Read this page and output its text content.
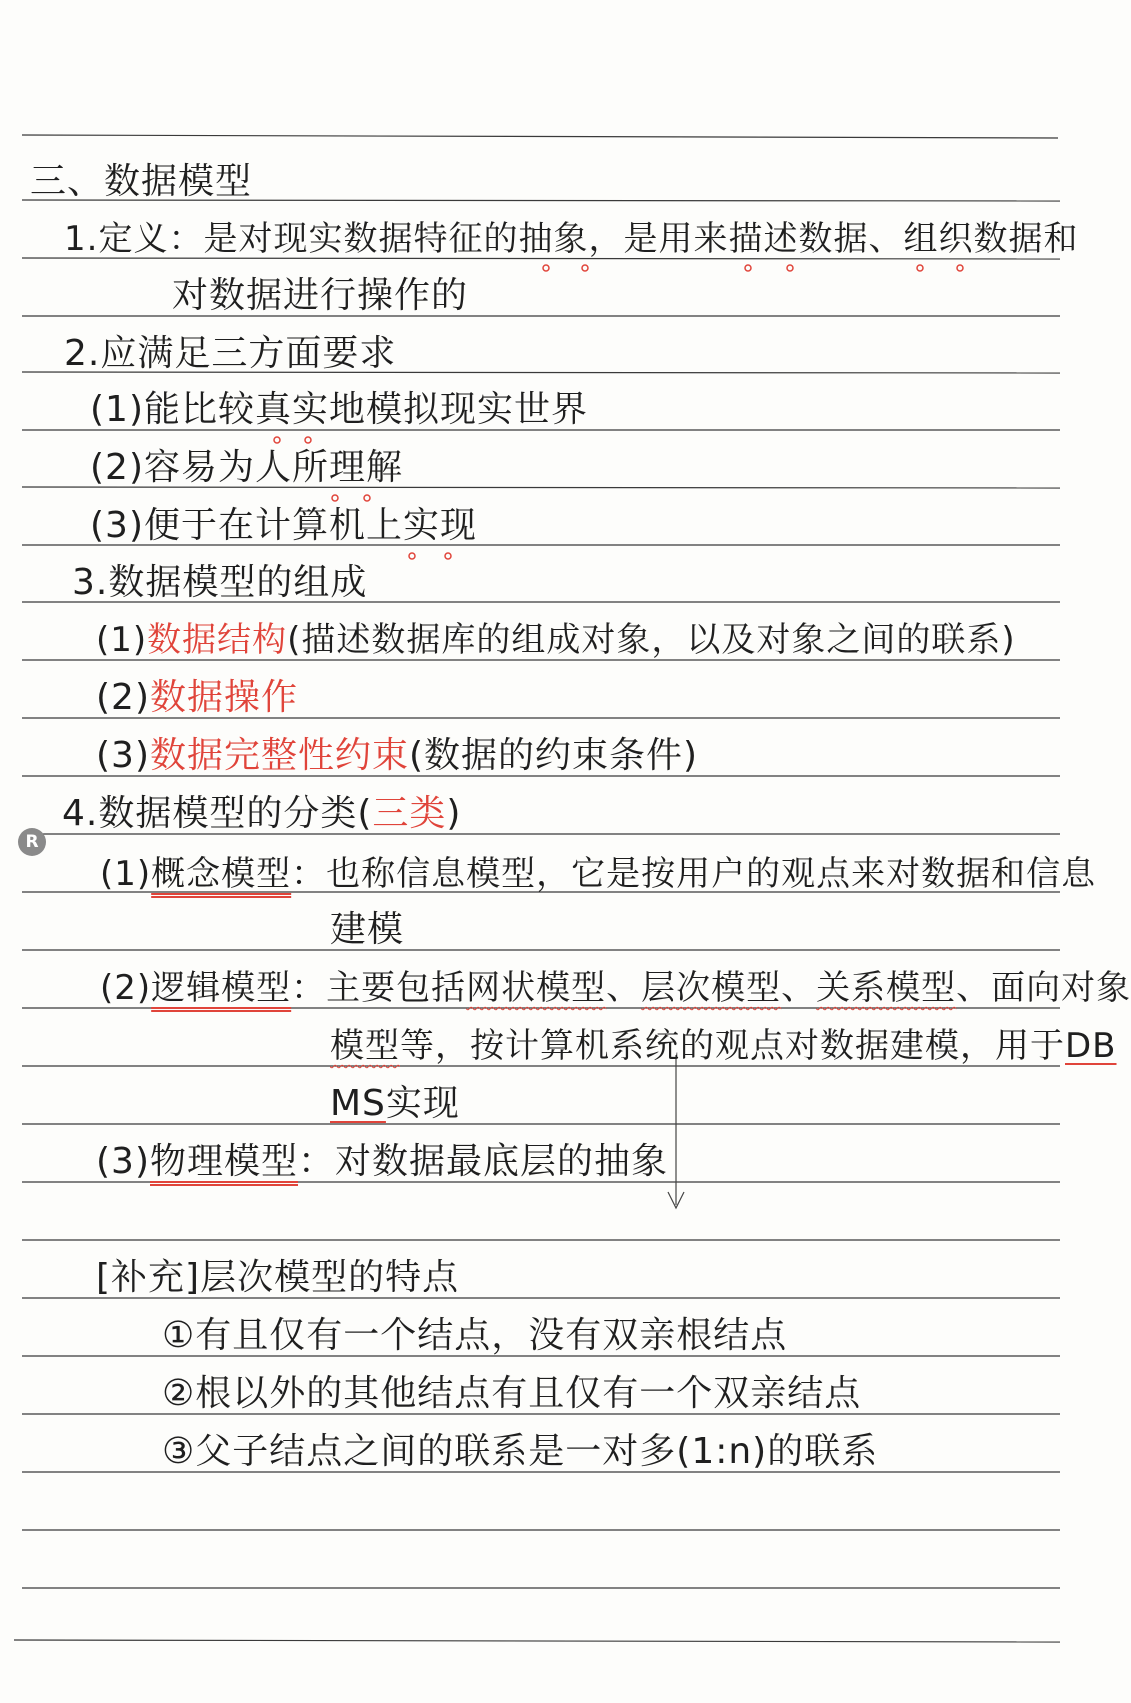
R

三、数据模型

1.定义：是对现实数据特征的抽象，是用来描述数据、组织数据和

对数据进行操作的

2.应满足三方面要求

(1)能比较真实地模拟现实世界

(2)容易为人所理解

(3)便于在计算机上实现

3.数据模型的组成

(1)数据结构(描述数据库的组成对象，以及对象之间的联系)

(2)数据操作

(3)数据完整性约束(数据的约束条件)

4.数据模型的分类(三类)

(1)概念模型：也称信息模型，它是按用户的观点来对数据和信息

建模

(2)逻辑模型：主要包括网状模型、层次模型、关系模型、面向对象

模型等，按计算机系统的观点对数据建模，用于DB

MS实现

(3)物理模型：对数据最底层的抽象

[补充]层次模型的特点

①有且仅有一个结点，没有双亲根结点

②根以外的其他结点有且仅有一个双亲结点

③父子结点之间的联系是一对多(1:n)的联系
